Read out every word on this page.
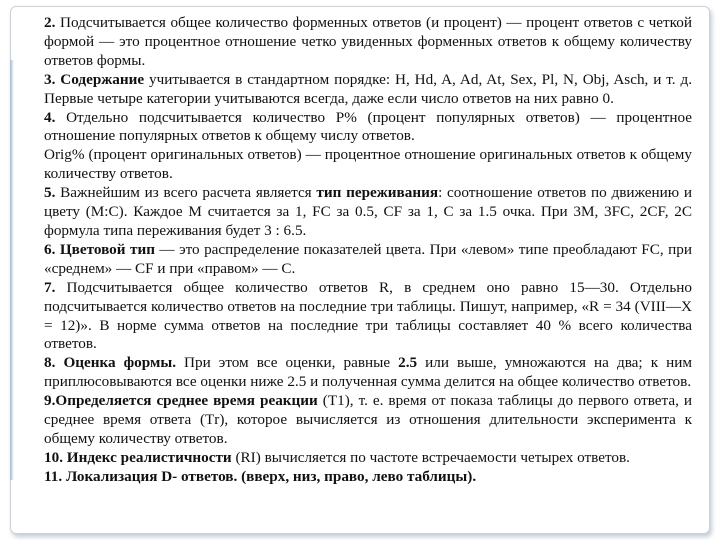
2. Подсчитывается общее количество форменных ответов (и процент) — процент ответов с четкой формой — это процентное отношение четко увиденных форменных ответов к общему количеству ответов формы.

3. Содержание учитывается в стандартном порядке: H, Hd, A, Ad, At, Sex, Pl, N, Obj, Asch, и т. д. Первые четыре категории учитываются всегда, даже если число ответов на них равно 0.

4. Отдельно подсчитывается количество Р% (процент популярных ответов) — процентное отношение популярных ответов к общему числу ответов.

Orig% (процент оригинальных ответов) — процентное отношение оригинальных ответов к общему количеству ответов.

5. Важнейшим из всего расчета является тип переживания: соотношение ответов по движению и цвету (М:С). Каждое М считается за 1, FC за 0.5, CF за 1, С за 1.5 очка. При 3М, 3FC, 2CF, 2С формула типа переживания будет 3 : 6.5.

6. Цветовой тип — это распределение показателей цвета. При «левом» типе преобладают FC, при «среднем» — CF и при «правом» — С.

7. Подсчитывается общее количество ответов R, в среднем оно равно 15—30. Отдельно подсчитывается количество ответов на последние три таблицы. Пишут, например, «R = 34 (VIII—X = 12)». В норме сумма ответов на последние три таблицы составляет 40 % всего количества ответов.

8. Оценка формы. При этом все оценки, равные 2.5 или выше, умножаются на два; к ним приплюсовываются все оценки ниже 2.5 и полученная сумма делится на общее количество ответов.

9.Определяется среднее время реакции (Т1), т. е. время от показа таблицы до первого ответа, и среднее время ответа (Тr), которое вычисляется из отношения длительности эксперимента к общему количеству ответов.

10. Индекс реалистичности (RI) вычисляется по частоте встречаемости четырех ответов.

11. Локализация D- ответов. (вверх, низ, право, лево таблицы).
